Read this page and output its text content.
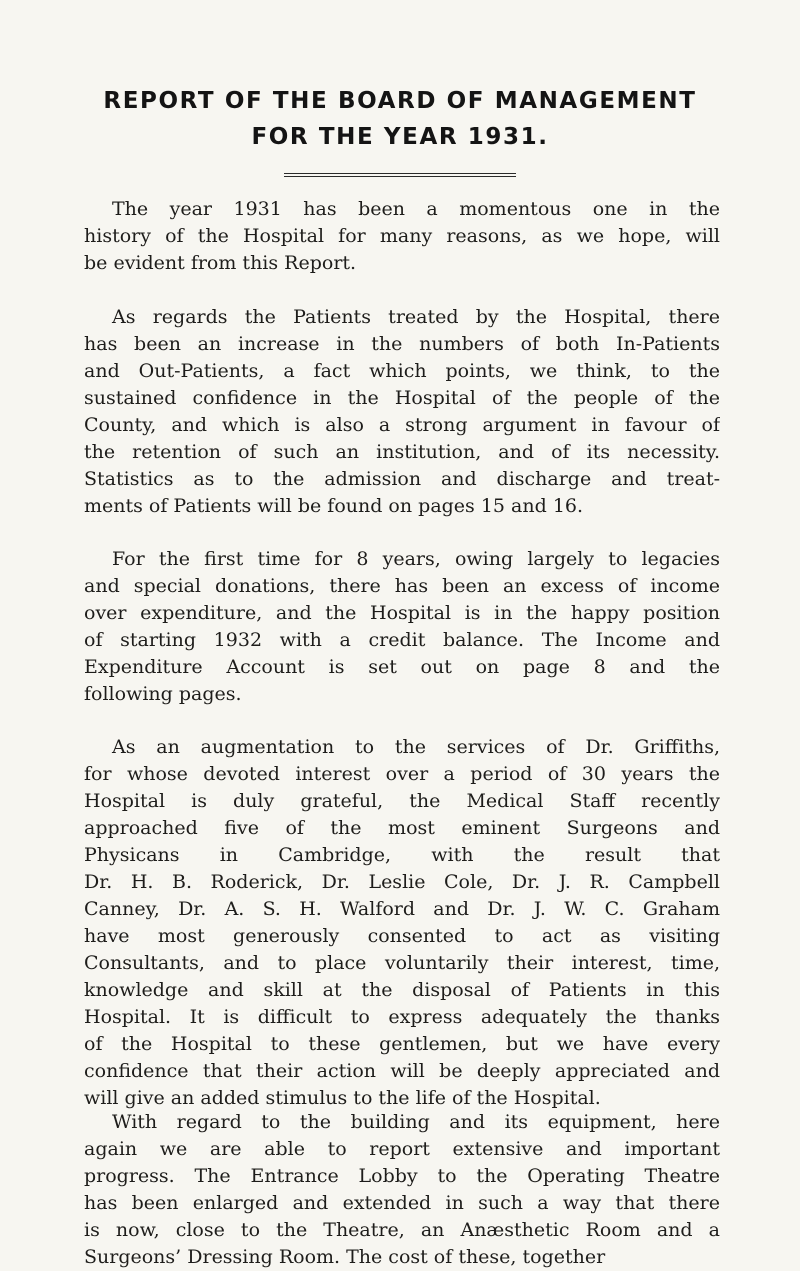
REPORT OF THE BOARD OF MANAGEMENT
FOR THE YEAR 1931.
The year 1931 has been a momentous one in the
history of the Hospital for many reasons, as we hope, will
be evident from this Report.
As regards the Patients treated by the Hospital, there
has been an increase in the numbers of both In-Patients
and Out-Patients, a fact which points, we think, to the
sustained confidence in the Hospital of the people of the
County, and which is also a strong argument in favour of
the retention of such an institution, and of its necessity.
Statistics as to the admission and discharge and treat-
ments of Patients will be found on pages 15 and 16.
For the first time for 8 years, owing largely to legacies
and special donations, there has been an excess of income
over expenditure, and the Hospital is in the happy position
of starting 1932 with a credit balance. The Income and
Expenditure Account is set out on page 8 and the
following pages.
As an augmentation to the services of Dr. Griffiths,
for whose devoted interest over a period of 30 years the
Hospital is duly grateful, the Medical Staff recently
approached five of the most eminent Surgeons and
Physicans in Cambridge, with the result that
Dr. H. B. Roderick, Dr. Leslie Cole, Dr. J. R. Campbell
Canney, Dr. A. S. H. Walford and Dr. J. W. C. Graham
have most generously consented to act as visiting
Consultants, and to place voluntarily their interest, time,
knowledge and skill at the disposal of Patients in this
Hospital. It is difficult to express adequately the thanks
of the Hospital to these gentlemen, but we have every
confidence that their action will be deeply appreciated and
will give an added stimulus to the life of the Hospital.
With regard to the building and its equipment, here
again we are able to report extensive and important
progress. The Entrance Lobby to the Operating Theatre
has been enlarged and extended in such a way that there
is now, close to the Theatre, an Anæsthetic Room and a
Surgeons’ Dressing Room. The cost of these, together
